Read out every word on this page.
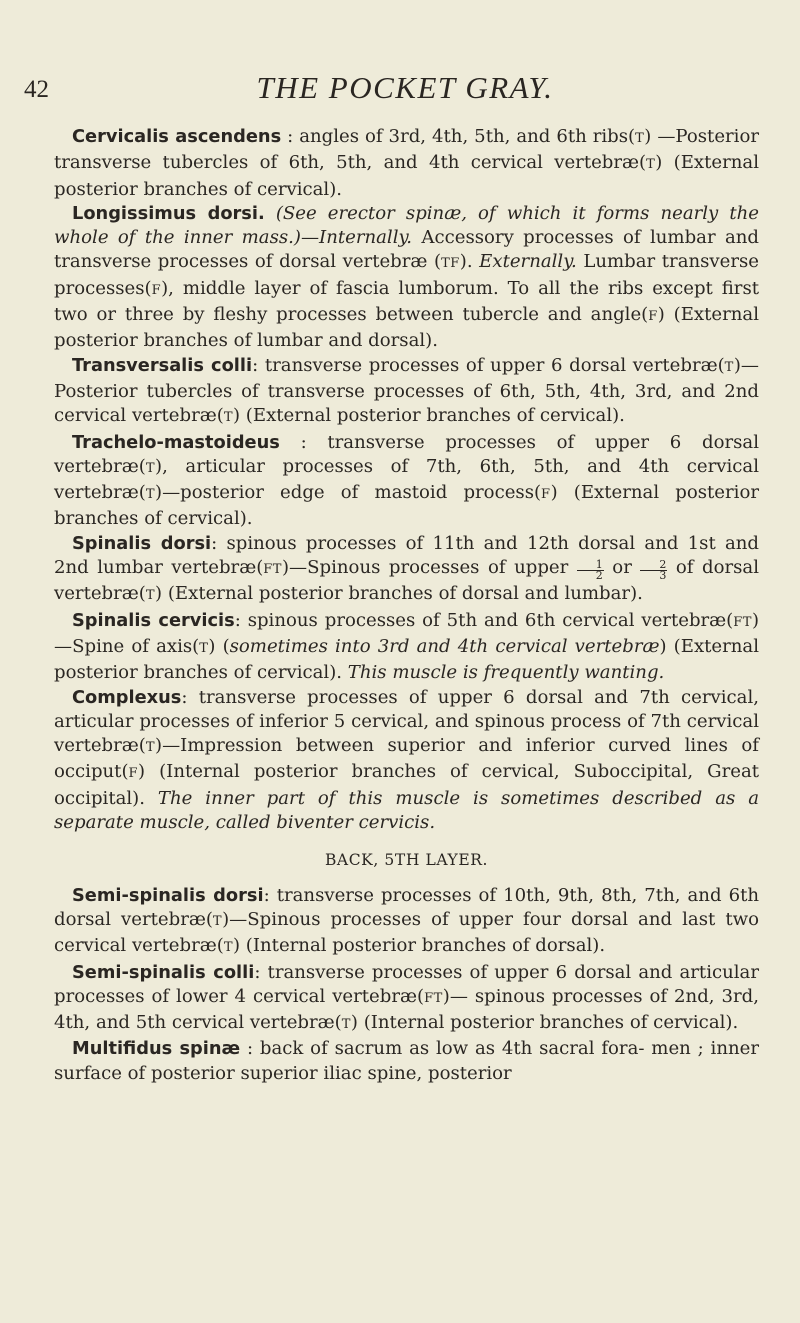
42	THE POCKET GRAY.

Cervicalis ascendens : angles of 3rd, 4th, 5th, and 6th ribs(T) —Posterior transverse tubercles of 6th, 5th, and 4th cervical vertebræ(T) (External posterior branches of cervical).

Longissimus dorsi. (See erector spinæ, of which it forms nearly the whole of the inner mass.)—Internally. Accessory processes of lumbar and transverse processes of dorsal vertebræ (TF). Externally. Lumbar transverse processes(F), middle layer of fascia lumborum. To all the ribs except first two or three by fleshy processes between tubercle and angle(F) (External posterior branches of lumbar and dorsal).

Transversalis colli: transverse processes of upper 6 dorsal vertebræ(T)—Posterior tubercles of transverse processes of 6th, 5th, 4th, 3rd, and 2nd cervical vertebræ(T) (External posterior branches of cervical).

Trachelo-mastoideus : transverse processes of upper 6 dorsal vertebræ(T), articular processes of 7th, 6th, 5th, and 4th cervical vertebræ(T)—posterior edge of mastoid process(F) (External posterior branches of cervical).

Spinalis dorsi: spinous processes of 11th and 12th dorsal and 1st and 2nd lumbar vertebræ(FT)—Spinous processes of upper $\frac{1}{2}$ or $\frac{2}{3}$ of dorsal vertebræ(T) (External posterior branches of dorsal and lumbar).

Spinalis cervicis: spinous processes of 5th and 6th cervical vertebræ(FT)—Spine of axis(T) (sometimes into 3rd and 4th cervical vertebræ) (External posterior branches of cervical). This muscle is frequently wanting.

Complexus: transverse processes of upper 6 dorsal and 7th cervical, articular processes of inferior 5 cervical, and spinous process of 7th cervical vertebræ(T)—Impression between superior and inferior curved lines of occiput(F) (Internal posterior branches of cervical, Suboccipital, Great occipital). The inner part of this muscle is sometimes described as a separate muscle, called biventer cervicis.

BACK, 5TH LAYER.

Semi-spinalis dorsi: transverse processes of 10th, 9th, 8th, 7th, and 6th dorsal vertebræ(T)—Spinous processes of upper four dorsal and last two cervical vertebræ(T) (Internal posterior branches of dorsal).

Semi-spinalis colli: transverse processes of upper 6 dorsal and articular processes of lower 4 cervical vertebræ(FT)— spinous processes of 2nd, 3rd, 4th, and 5th cervical vertebræ(T) (Internal posterior branches of cervical).

Multifidus spinæ : back of sacrum as low as 4th sacral fora- men ; inner surface of posterior superior iliac spine, posterior
